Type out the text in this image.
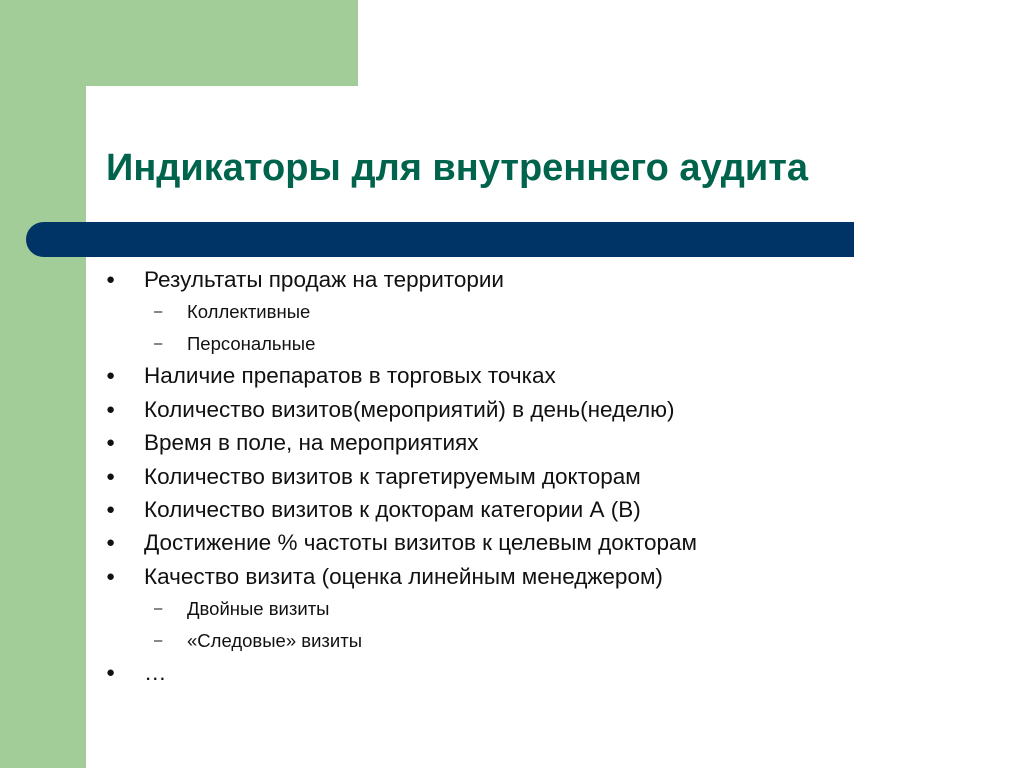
Индикаторы для внутреннего аудита
● Результаты продаж на территории
– Коллективные
– Персональные
● Наличие препаратов в торговых точках
● Количество визитов(мероприятий) в день(неделю)
● Время в поле, на мероприятиях
● Количество визитов к таргетируемым докторам
● Количество визитов к докторам категории А (В)
● Достижение % частоты визитов к целевым докторам
● Качество визита (оценка линейным менеджером)
– Двойные визиты
– «Следовые» визиты
● …
